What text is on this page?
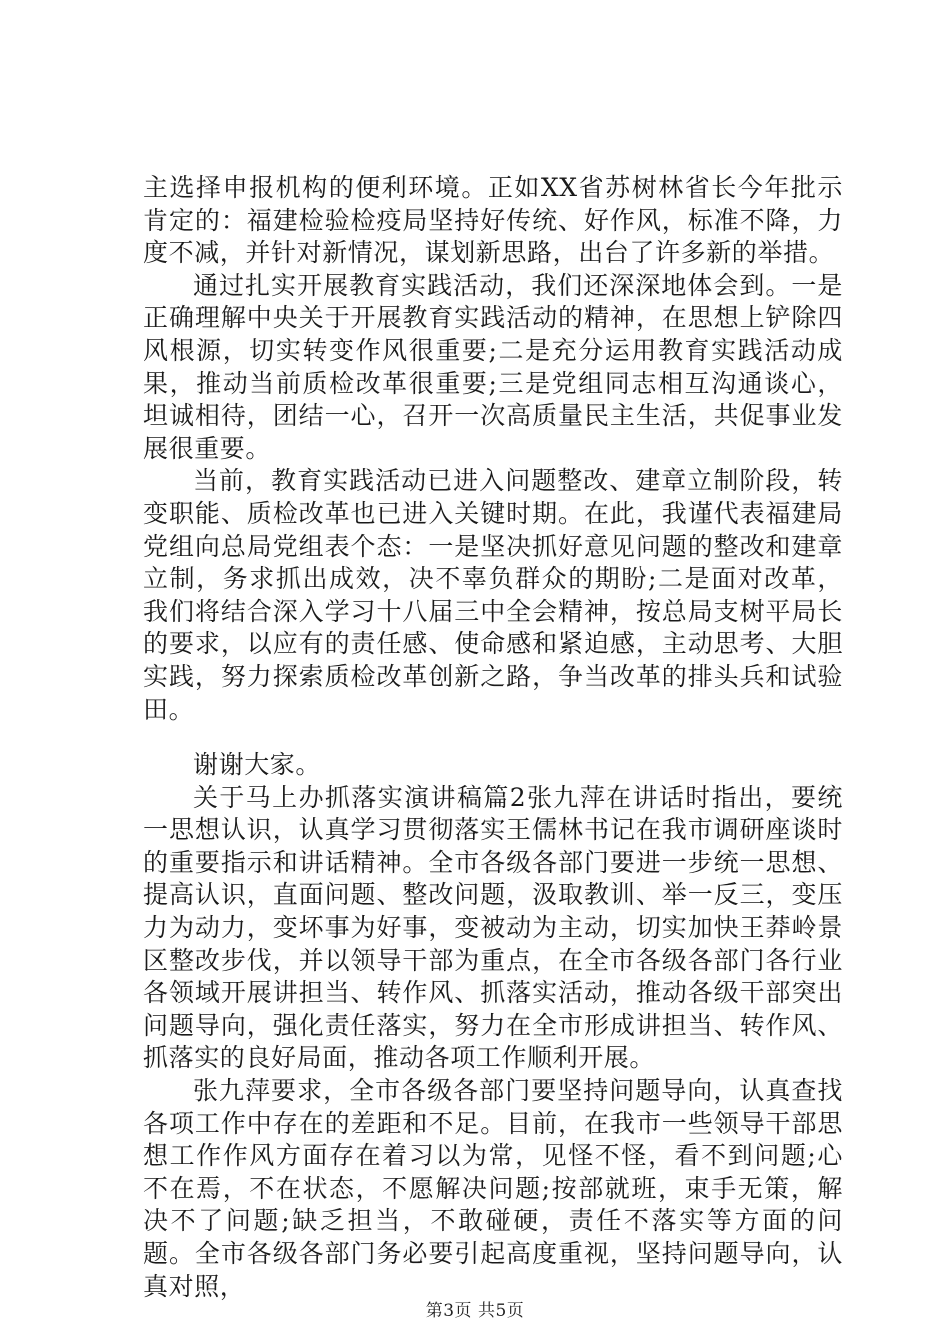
主选择申报机构的便利环境。正如XX省苏树林省长今年批示肯定的：福建检验检疫局坚持好传统、好作风，标准不降，力度不减，并针对新情况，谋划新思路，出台了许多新的举措。

通过扎实开展教育实践活动，我们还深深地体会到。一是正确理解中央关于开展教育实践活动的精神，在思想上铲除四风根源，切实转变作风很重要;二是充分运用教育实践活动成果，推动当前质检改革很重要;三是党组同志相互沟通谈心，坦诚相待，团结一心，召开一次高质量民主生活，共促事业发展很重要。

当前，教育实践活动已进入问题整改、建章立制阶段，转变职能、质检改革也已进入关键时期。在此，我谨代表福建局党组向总局党组表个态：一是坚决抓好意见问题的整改和建章立制，务求抓出成效，决不辜负群众的期盼;二是面对改革，我们将结合深入学习十八届三中全会精神，按总局支树平局长的要求，以应有的责任感、使命感和紧迫感，主动思考、大胆实践，努力探索质检改革创新之路，争当改革的排头兵和试验田。

谢谢大家。

关于马上办抓落实演讲稿篇2张九萍在讲话时指出，要统一思想认识，认真学习贯彻落实王儒林书记在我市调研座谈时的重要指示和讲话精神。全市各级各部门要进一步统一思想、提高认识，直面问题、整改问题，汲取教训、举一反三，变压力为动力，变坏事为好事，变被动为主动，切实加快王莽岭景区整改步伐，并以领导干部为重点，在全市各级各部门各行业各领域开展讲担当、转作风、抓落实活动，推动各级干部突出问题导向，强化责任落实，努力在全市形成讲担当、转作风、抓落实的良好局面，推动各项工作顺利开展。

张九萍要求，全市各级各部门要坚持问题导向，认真查找各项工作中存在的差距和不足。目前，在我市一些领导干部思想工作作风方面存在着习以为常，见怪不怪，看不到问题;心不在焉，不在状态，不愿解决问题;按部就班，束手无策，解决不了问题;缺乏担当，不敢碰硬，责任不落实等方面的问题。全市各级各部门务必要引起高度重视，坚持问题导向，认真对照，

第3页 共5页
